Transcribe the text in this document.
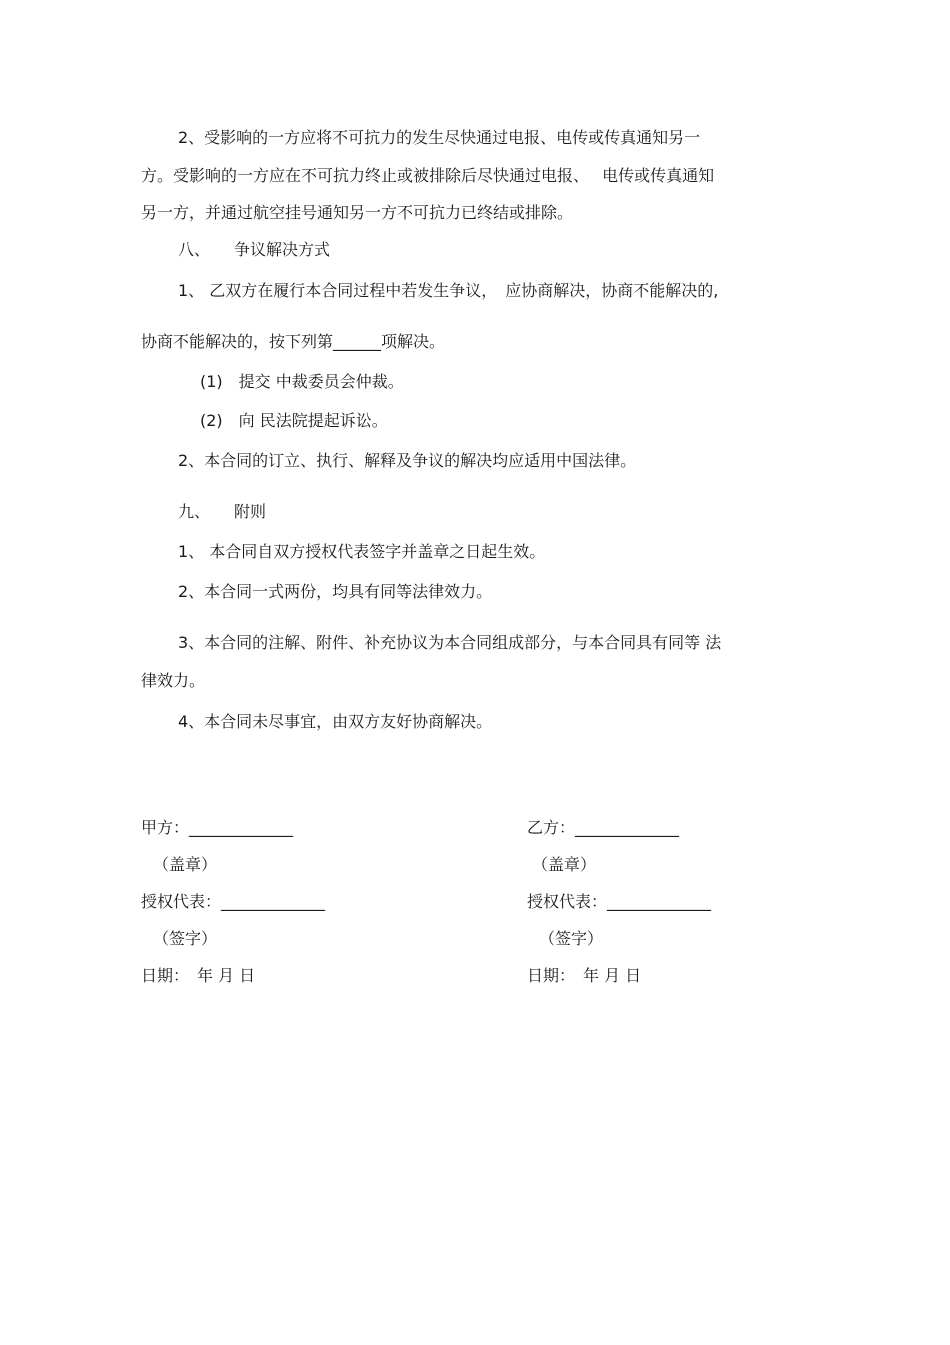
2、受影响的一方应将不可抗力的发生尽快通过电报、电传或传真通知另一
方。受影响的一方应在不可抗力终止或被排除后尽快通过电报、　 电传或传真通知
另一方，并通过航空挂号通知另一方不可抗力已终结或排除。
八、　　争议解决方式
1、 乙双方在履行本合同过程中若发生争议，　应协商解决，协商不能解决的,
协商不能解决的，按下列第______项解决。
(1)　提交 中裁委员会仲裁。
(2)　向 民法院提起诉讼。
2、本合同的订立、执行、解释及争议的解决均应适用中国法律。
九、　　附则
1、 本合同自双方授权代表签字并盖章之日起生效。
2、本合同一式两份，均具有同等法律效力。
3、本合同的注解、附件、补充协议为本合同组成部分，与本合同具有同等 法
律效力。
4、本合同未尽事宜，由双方友好协商解决。
甲方：_____________
（盖章）
授权代表：_____________
（签字）
日期：　年 月 日
乙方：_____________
（盖章）
授权代表：_____________
（签字）
日期：　年 月 日
